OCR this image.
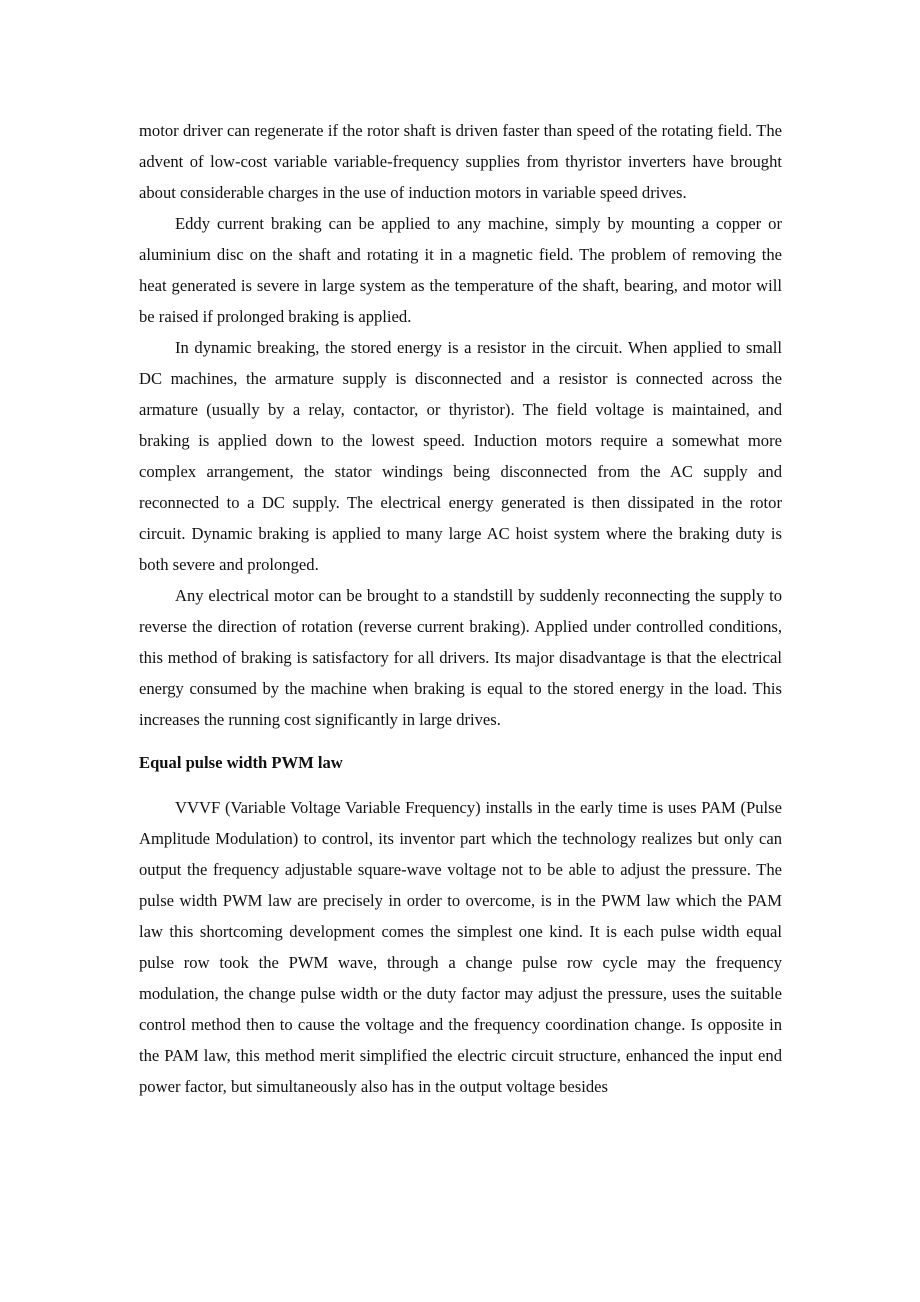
motor driver can regenerate if the rotor shaft is driven faster than speed of the rotating field. The advent of low-cost variable variable-frequency supplies from thyristor inverters have brought about considerable charges in the use of induction motors in variable speed drives.

Eddy current braking can be applied to any machine, simply by mounting a copper or aluminium disc on the shaft and rotating it in a magnetic field. The problem of removing the heat generated is severe in large system as the temperature of the shaft, bearing, and motor will be raised if prolonged braking is applied.

In dynamic breaking, the stored energy is a resistor in the circuit. When applied to small DC machines, the armature supply is disconnected and a resistor is connected across the armature (usually by a relay, contactor, or thyristor). The field voltage is maintained, and braking is applied down to the lowest speed. Induction motors require a somewhat more complex arrangement, the stator windings being disconnected from the AC supply and reconnected to a DC supply. The electrical energy generated is then dissipated in the rotor circuit. Dynamic braking is applied to many large AC hoist system where the braking duty is both severe and prolonged.

Any electrical motor can be brought to a standstill by suddenly reconnecting the supply to reverse the direction of rotation (reverse current braking). Applied under controlled conditions, this method of braking is satisfactory for all drivers. Its major disadvantage is that the electrical energy consumed by the machine when braking is equal to the stored energy in the load. This increases the running cost significantly in large drives.

Equal pulse width PWM law

VVVF (Variable Voltage Variable Frequency) installs in the early time is uses PAM (Pulse Amplitude Modulation) to control, its inventor part which the technology realizes but only can output the frequency adjustable square-wave voltage not to be able to adjust the pressure. The pulse width PWM law are precisely in order to overcome, is in the PWM law which the PAM law this shortcoming development comes the simplest one kind. It is each pulse width equal pulse row took the PWM wave, through a change pulse row cycle may the frequency modulation, the change pulse width or the duty factor may adjust the pressure, uses the suitable control method then to cause the voltage and the frequency coordination change. Is opposite in the PAM law, this method merit simplified the electric circuit structure, enhanced the input end power factor, but simultaneously also has in the output voltage besides
